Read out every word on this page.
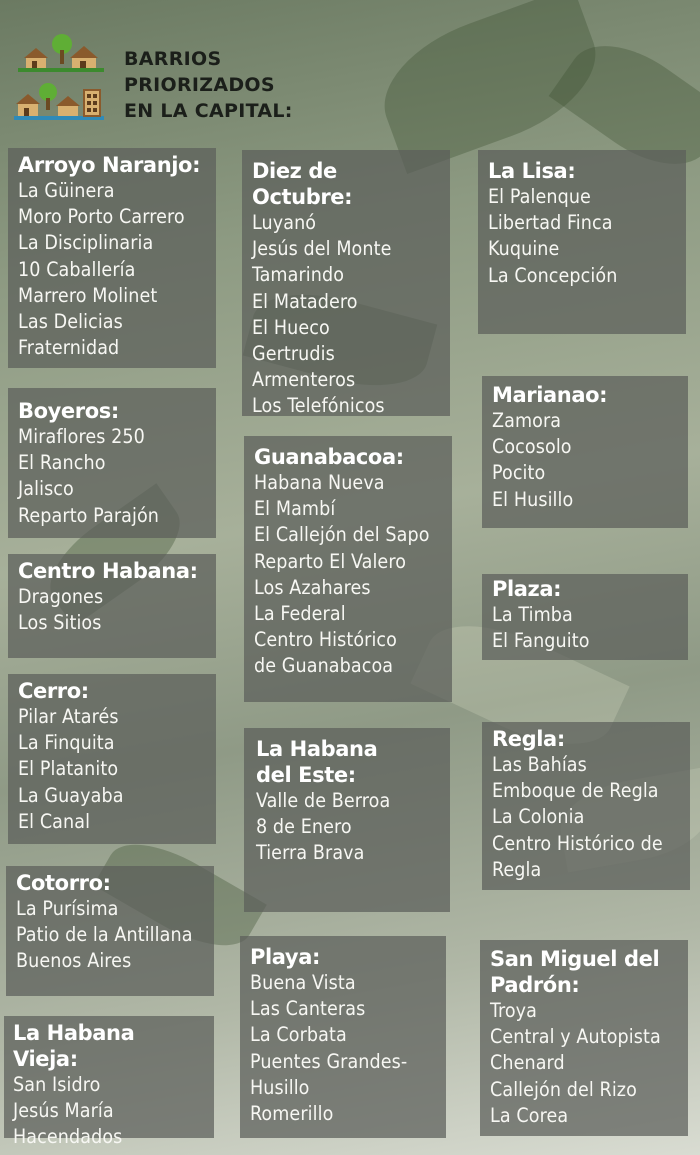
BARRIOS
PRIORIZADOS
EN LA CAPITAL:
Arroyo Naranjo:
La Güinera
Moro Porto Carrero
La Disciplinaria
10 Caballería
Marrero Molinet
Las Delicias
Fraternidad
Boyeros:
Miraflores 250
El Rancho
Jalisco
Reparto Parajón
Centro Habana:
Dragones
Los Sitios
Cerro:
Pilar Atarés
La Finquita
El Platanito
La Guayaba
El Canal
Cotorro:
La Purísima
Patio de la Antillana
Buenos Aires
La Habana Vieja:
San Isidro
Jesús María
Hacendados
Diez de Octubre:
Luyanó
Jesús del Monte
Tamarindo
El Matadero
El Hueco
Gertrudis
Armenteros
Los Telefónicos
Guanabacoa:
Habana Nueva
El Mambí
El Callejón del Sapo
Reparto El Valero
Los Azahares
La Federal
Centro Histórico
de Guanabacoa
La Habana del Este:
Valle de Berroa
8 de Enero
Tierra Brava
Playa:
Buena Vista
Las Canteras
La Corbata
Puentes Grandes-
Husillo
Romerillo
La Lisa:
El Palenque
Libertad Finca
Kuquine
La Concepción
Marianao:
Zamora
Cocosolo
Pocito
El Husillo
Plaza:
La Timba
El Fanguito
Regla:
Las Bahías
Emboque de Regla
La Colonia
Centro Histórico de
Regla
San Miguel del Padrón:
Troya
Central y Autopista
Chenard
Callejón del Rizo
La Corea
